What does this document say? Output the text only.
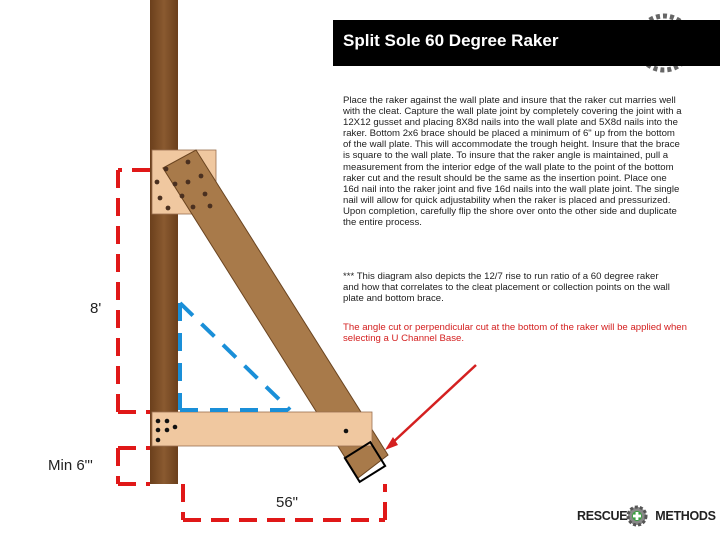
Split Sole 60 Degree Raker
Place the raker against the wall plate and insure that the raker cut marries well with the cleat. Capture the wall plate joint by completely covering the joint with a 12X12 gusset and placing 8X8d nails into the wall plate and 5X8d nails into the raker. Bottom 2x6 brace should be placed a minimum of 6" up from the bottom of the wall plate. This will accommodate the trough height. Insure that the brace is square to the wall plate. To insure that the raker angle is maintained, pull a measurement from the interior edge of the wall plate to the point of the bottom raker cut and the result should be the same as the insertion point. Place one 16d nail into the raker joint and five 16d nails into the wall plate joint. The single nail will allow for quick adjustability when the raker is placed and pressurized. Upon completion, carefully flip the shore over onto the other side and duplicate the entire process.
*** This diagram also depicts the 12/7 rise to run ratio of a 60 degree raker and how that correlates to the cleat placement or collection points on the wall plate and bottom brace.
The angle cut or perpendicular cut at the bottom of the raker will be applied when selecting a U Channel Base.
8'
Min 6"'
56"
RESCUE METHODS
